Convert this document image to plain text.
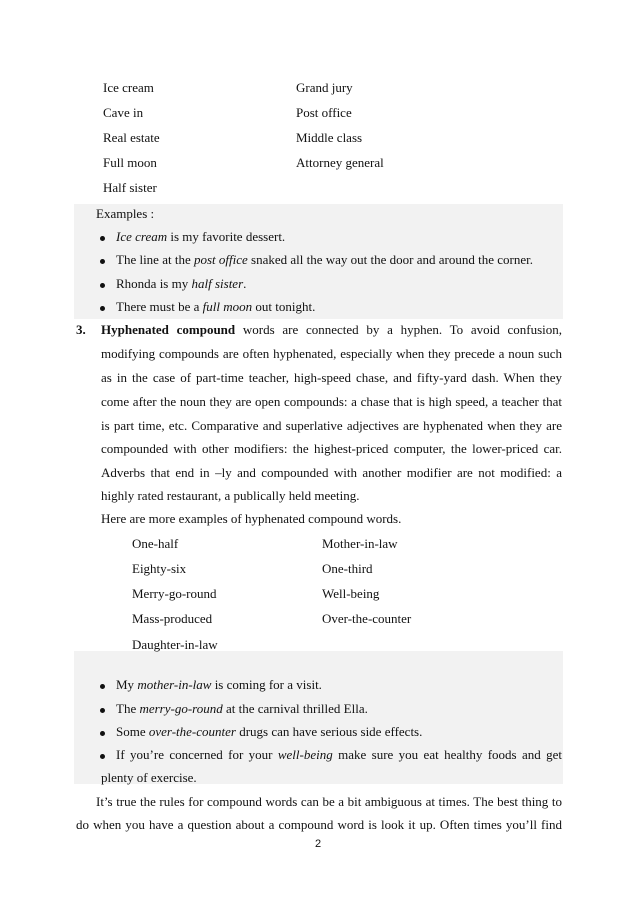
Ice cream
Cave in
Real estate
Full moon
Half sister
Grand jury
Post office
Middle class
Attorney general
Examples :
Ice cream is my favorite dessert.
The line at the post office snaked all the way out the door and around the corner.
Rhonda is my half sister.
There must be a full moon out tonight.
3. Hyphenated compound words are connected by a hyphen. To avoid confusion,
modifying compounds are often hyphenated, especially when they precede a noun such
as in the case of part-time teacher, high-speed chase, and fifty-yard dash. When they
come after the noun they are open compounds: a chase that is high speed, a teacher that
is part time, etc. Comparative and superlative adjectives are hyphenated when they are
compounded with other modifiers: the highest-priced computer, the lower-priced car.
Adverbs that end in –ly and compounded with another modifier are not modified: a
highly rated restaurant, a publically held meeting.
Here are more examples of hyphenated compound words.
One-half
Eighty-six
Merry-go-round
Mass-produced
Daughter-in-law
Mother-in-law
One-third
Well-being
Over-the-counter
My mother-in-law is coming for a visit.
The merry-go-round at the carnival thrilled Ella.
Some over-the-counter drugs can have serious side effects.
If you’re concerned for your well-being make sure you eat healthy foods and get
plenty of exercise.
It’s true the rules for compound words can be a bit ambiguous at times. The best thing to
do when you have a question about a compound word is look it up. Often times you’ll find
2
